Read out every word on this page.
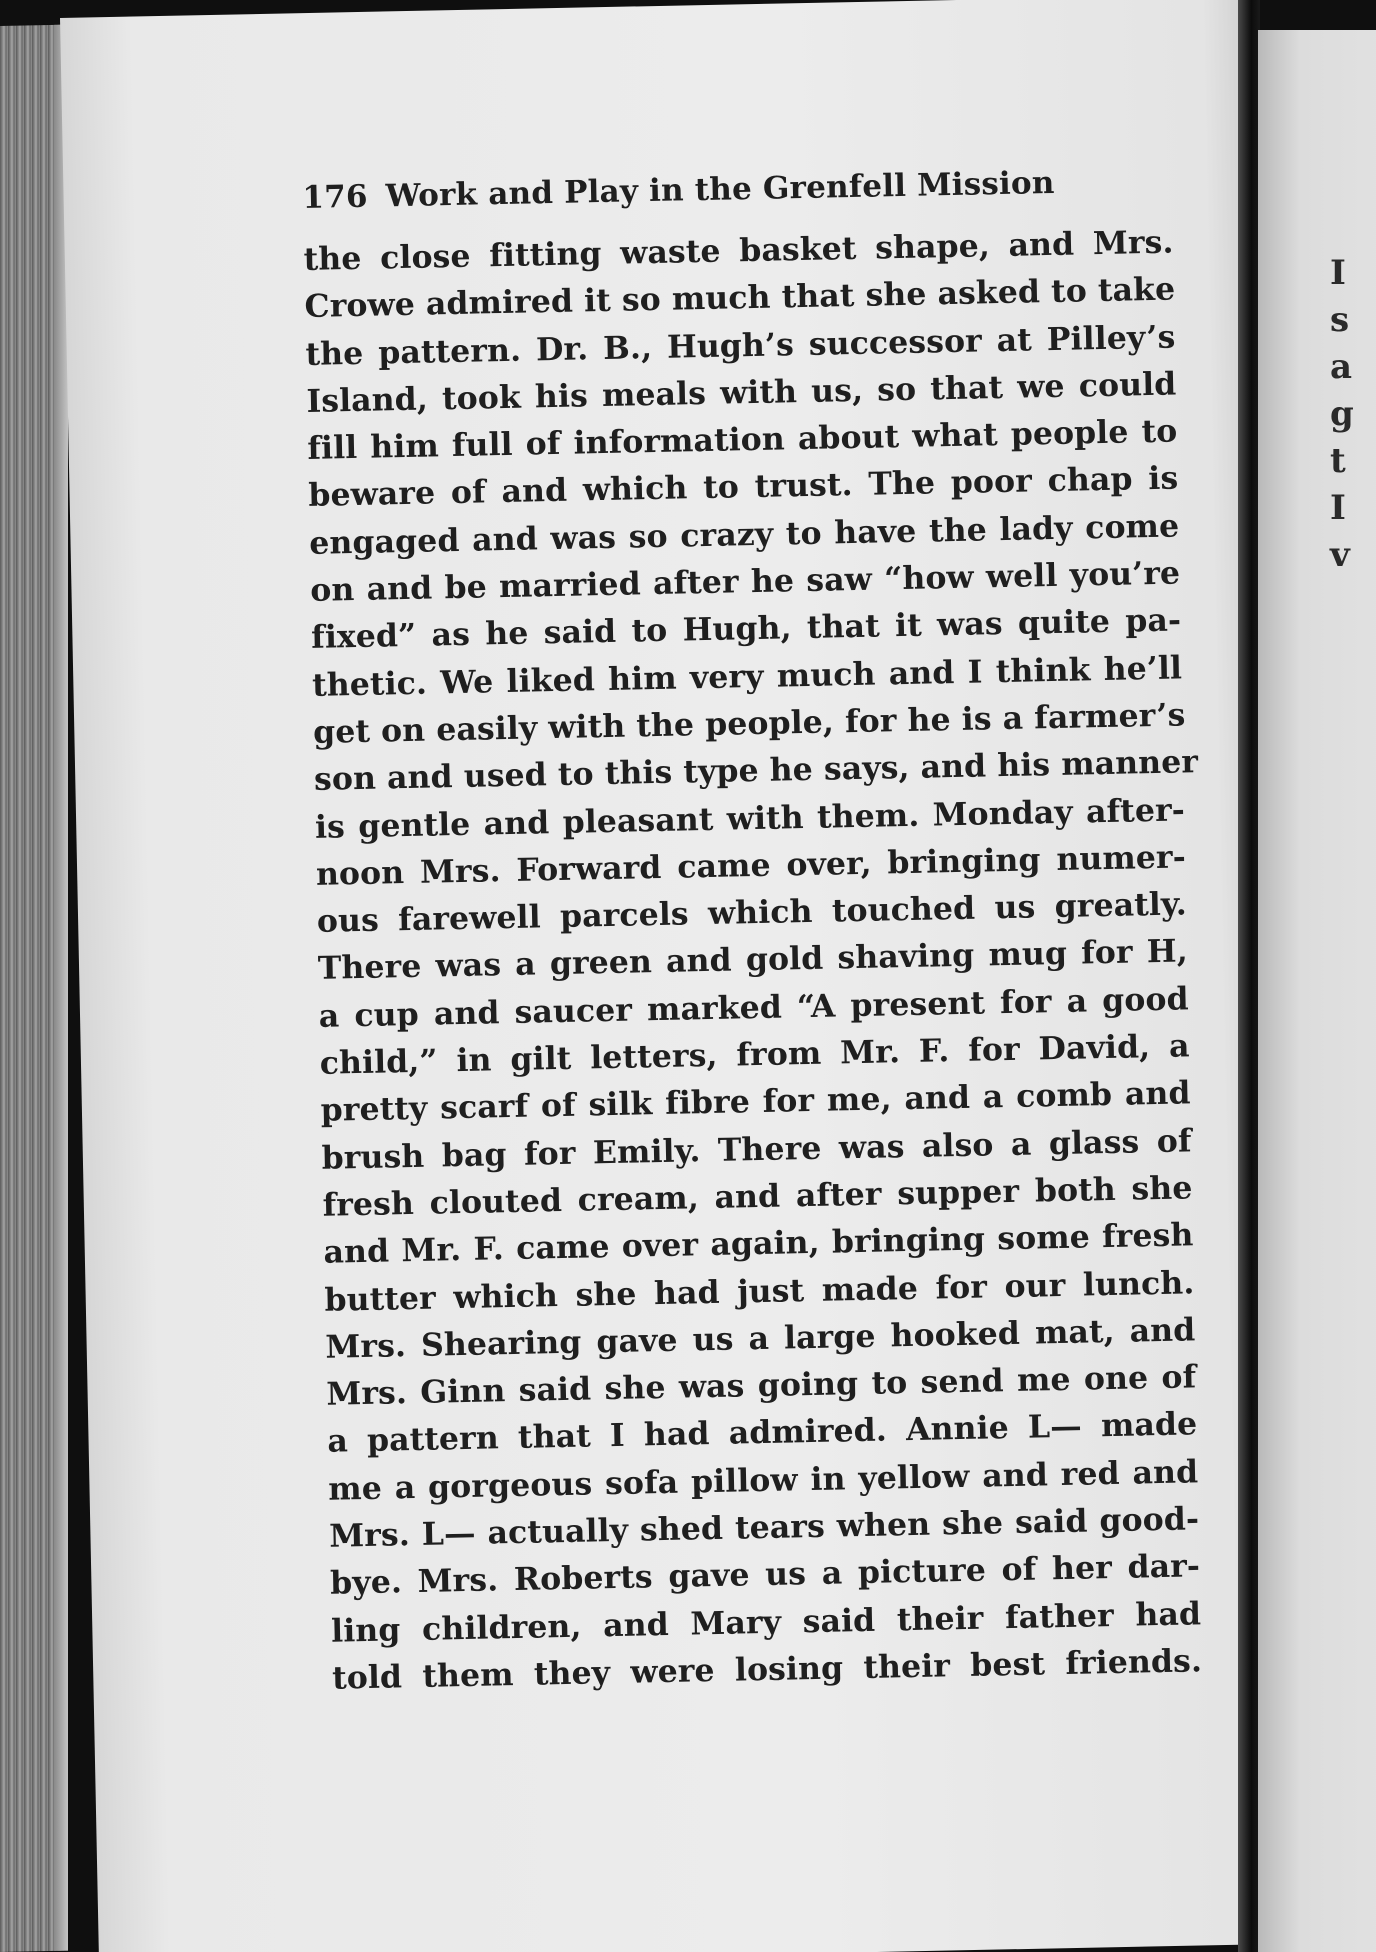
I
s
a
g
t
I
v
176 Work and Play in the Grenfell Mission
the close fitting waste basket shape, and Mrs.
Crowe admired it so much that she asked to take
the pattern. Dr. B., Hugh’s successor at Pilley’s
Island, took his meals with us, so that we could
fill him full of information about what people to
beware of and which to trust. The poor chap is
engaged and was so crazy to have the lady come
on and be married after he saw “how well you’re
fixed” as he said to Hugh, that it was quite pa-
thetic. We liked him very much and I think he’ll
get on easily with the people, for he is a farmer’s
son and used to this type he says, and his manner
is gentle and pleasant with them. Monday after-
noon Mrs. Forward came over, bringing numer-
ous farewell parcels which touched us greatly.
There was a green and gold shaving mug for H,
a cup and saucer marked “A present for a good
child,” in gilt letters, from Mr. F. for David, a
pretty scarf of silk fibre for me, and a comb and
brush bag for Emily. There was also a glass of
fresh clouted cream, and after supper both she
and Mr. F. came over again, bringing some fresh
butter which she had just made for our lunch.
Mrs. Shearing gave us a large hooked mat, and
Mrs. Ginn said she was going to send me one of
a pattern that I had admired. Annie L— made
me a gorgeous sofa pillow in yellow and red and
Mrs. L— actually shed tears when she said good-
bye. Mrs. Roberts gave us a picture of her dar-
ling children, and Mary said their father had
told them they were losing their best friends.
